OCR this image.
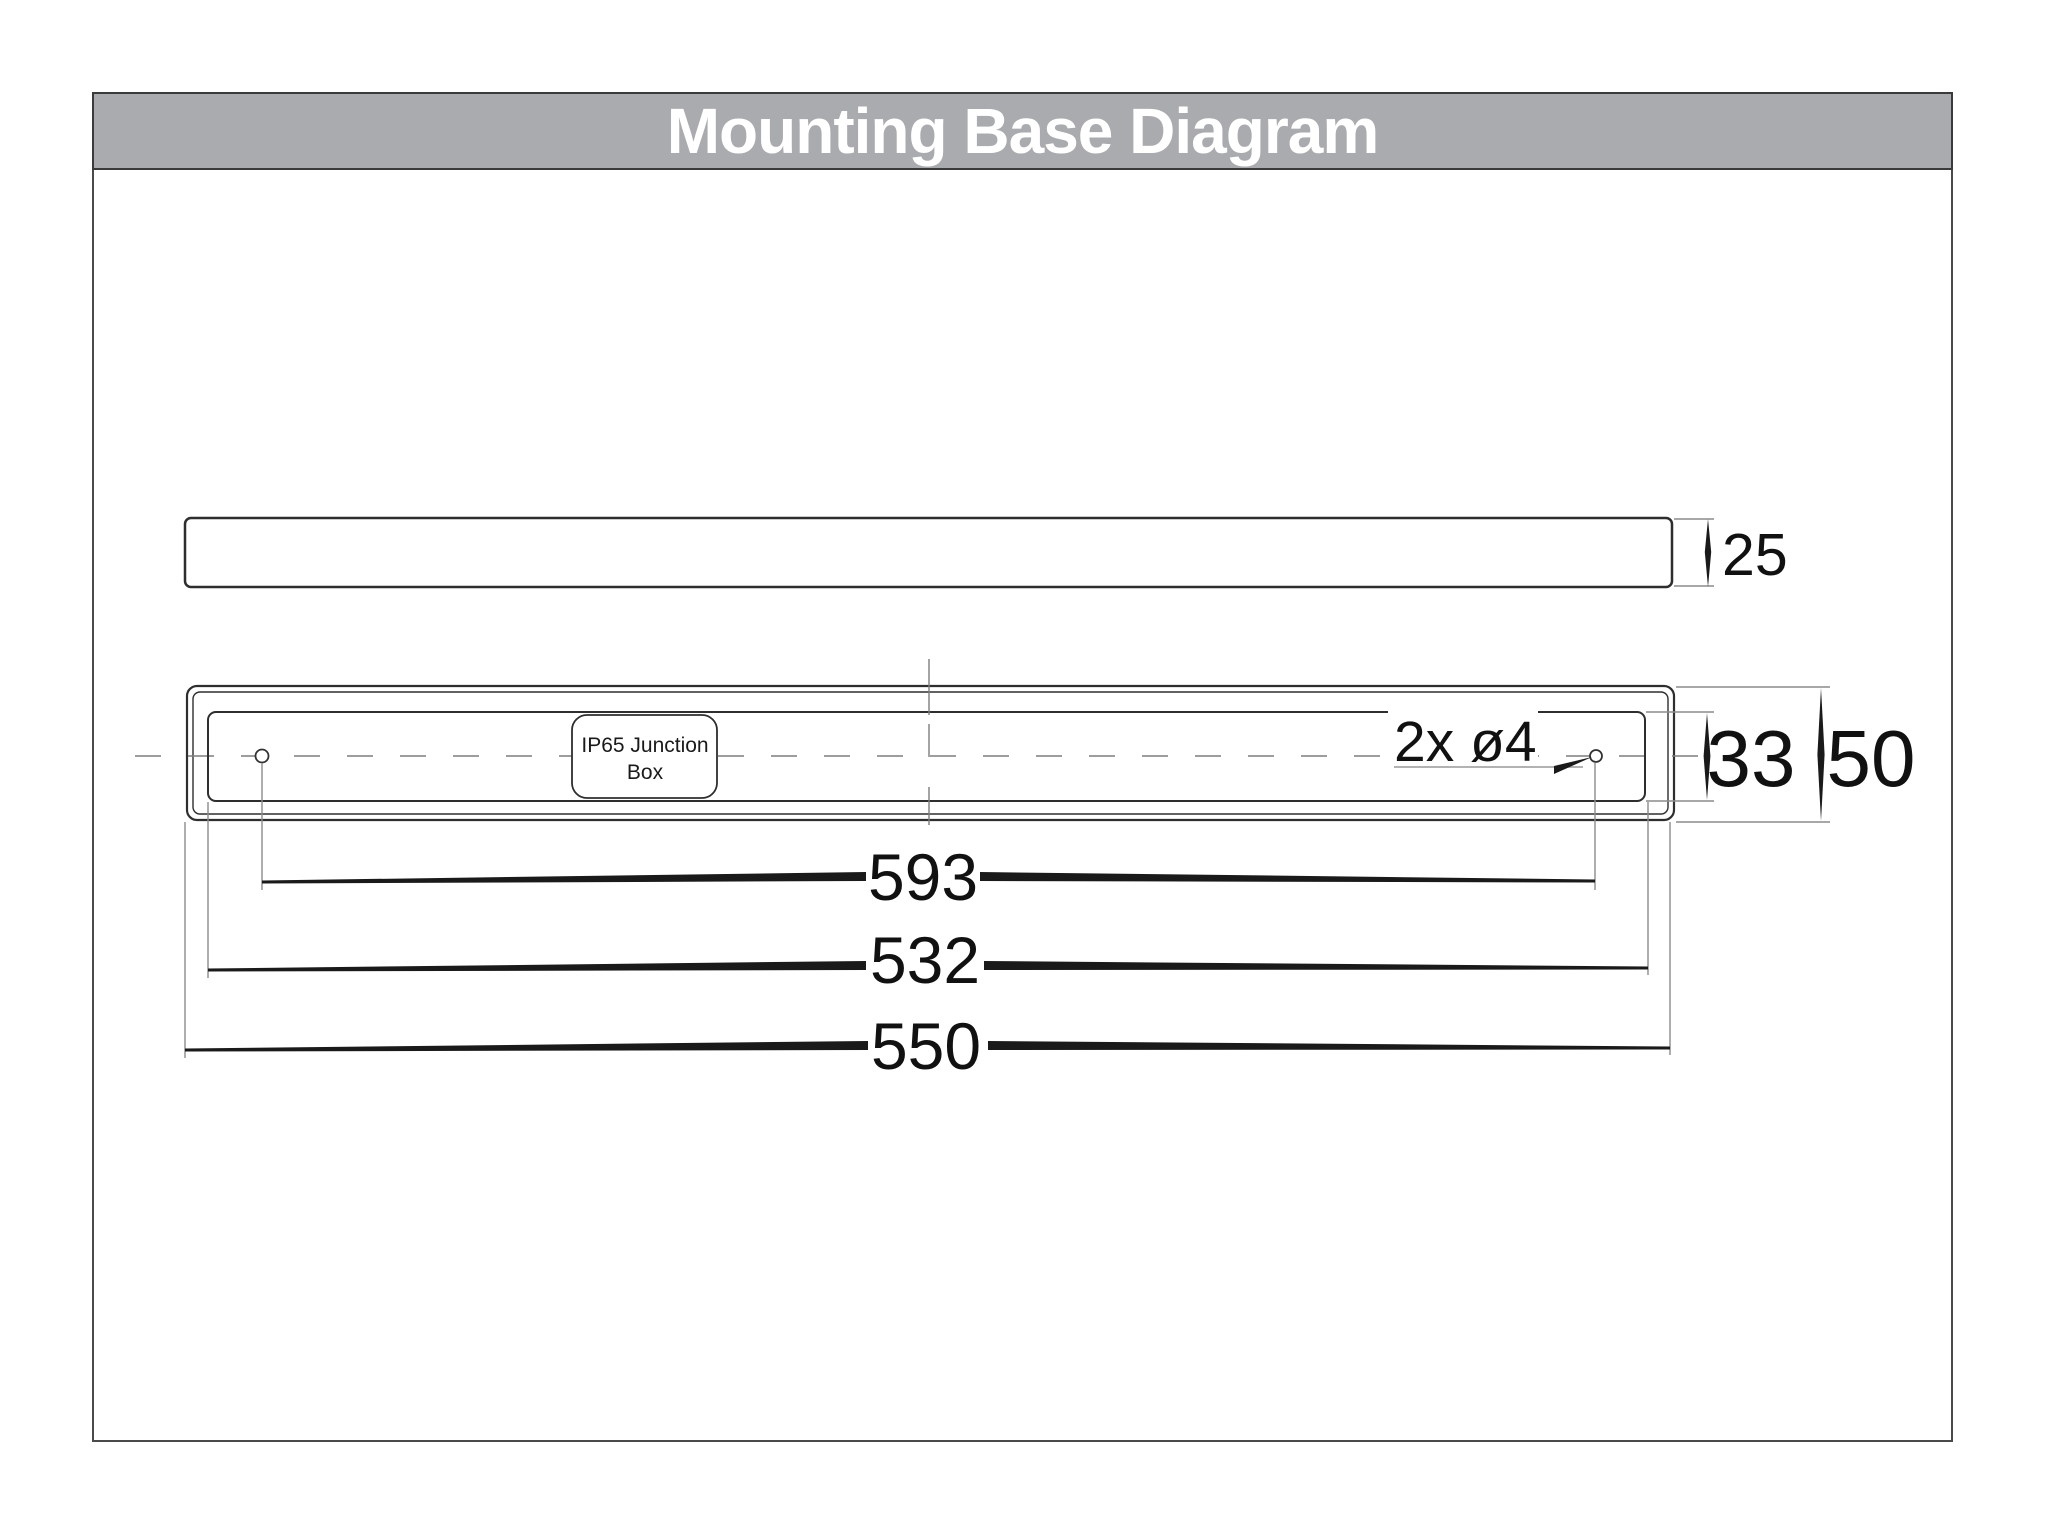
Mounting Base Diagram
25
IP65 Junction
Box	2x ø4 33 50
593
532
550
